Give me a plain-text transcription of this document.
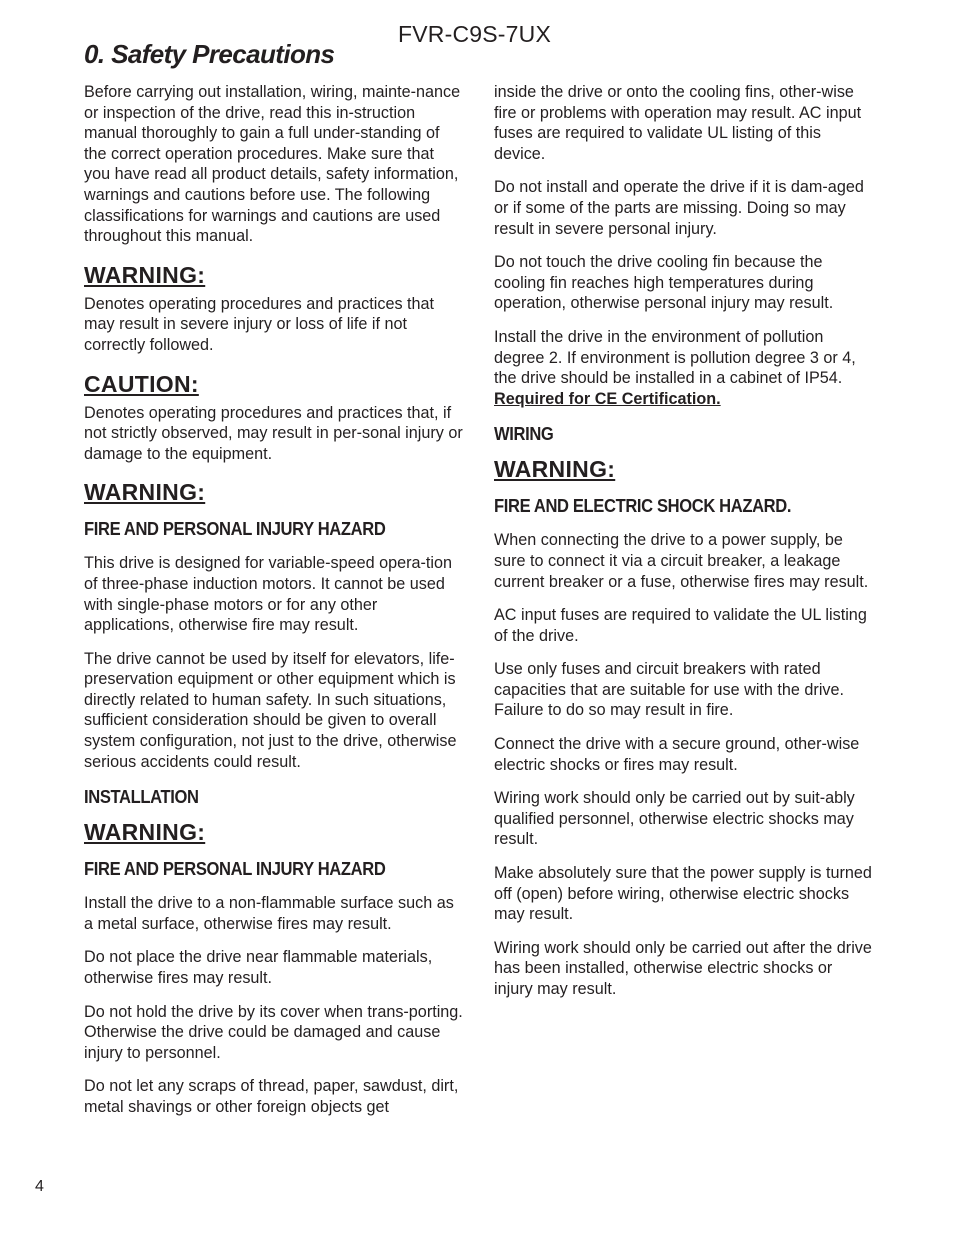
FVR-C9S-7UX
0. Safety Precautions

Before carrying out installation, wiring, mainte-nance or inspection of the drive, read this in-struction manual thoroughly to gain a full under-standing of the correct operation procedures. Make sure that you have read all product details, safety information, warnings and cautions before use. The following classifications for warnings and cautions are used throughout this manual.

WARNING:

Denotes operating procedures and practices that may result in severe injury or loss of life if not correctly followed.

CAUTION:

Denotes operating procedures and practices that, if not strictly observed, may result in per-sonal injury or damage to the equipment.

WARNING:
FIRE AND PERSONAL INJURY HAZARD

This drive is designed for variable-speed opera-tion of three-phase induction motors. It cannot be used with single-phase motors or for any other applications, otherwise fire may result.

The drive cannot be used by itself for elevators, life-preservation equipment or other equipment which is directly related to human safety. In such situations, sufficient consideration should be given to overall system configuration, not just to the drive, otherwise serious accidents could result.

INSTALLATION
WARNING:
FIRE AND PERSONAL INJURY HAZARD

Install the drive to a non-flammable surface such as a metal surface, otherwise fires may result.

Do not place the drive near flammable materials, otherwise fires may result.

Do not hold the drive by its cover when trans-porting. Otherwise the drive could be damaged and cause injury to personnel.

Do not let any scraps of thread, paper, sawdust, dirt, metal shavings or other foreign objects get

inside the drive or onto the cooling fins, other-wise fire or problems with operation may result. AC input fuses are required to validate UL listing of this device.

Do not install and operate the drive if it is dam-aged or if some of the parts are missing. Doing so may result in severe personal injury.

Do not touch the drive cooling fin because the cooling fin reaches high temperatures during operation, otherwise personal injury may result.

Install the drive in the environment of pollution degree 2. If environment is pollution degree 3 or 4, the drive should be installed in a cabinet of IP54. Required for CE Certification.

WIRING
WARNING:
FIRE AND ELECTRIC SHOCK HAZARD.

When connecting the drive to a power supply, be sure to connect it via a circuit breaker, a leakage current breaker or a fuse, otherwise fires may result.

AC input fuses are required to validate the UL listing of the drive.

Use only fuses and circuit breakers with rated capacities that are suitable for use with the drive. Failure to do so may result in fire.

Connect the drive with a secure ground, other-wise electric shocks or fires may result.

Wiring work should only be carried out by suit-ably qualified personnel, otherwise electric shocks may result.

Make absolutely sure that the power supply is turned off (open) before wiring, otherwise electric shocks may result.

Wiring work should only be carried out after the drive has been installed, otherwise electric shocks or injury may result.

4
